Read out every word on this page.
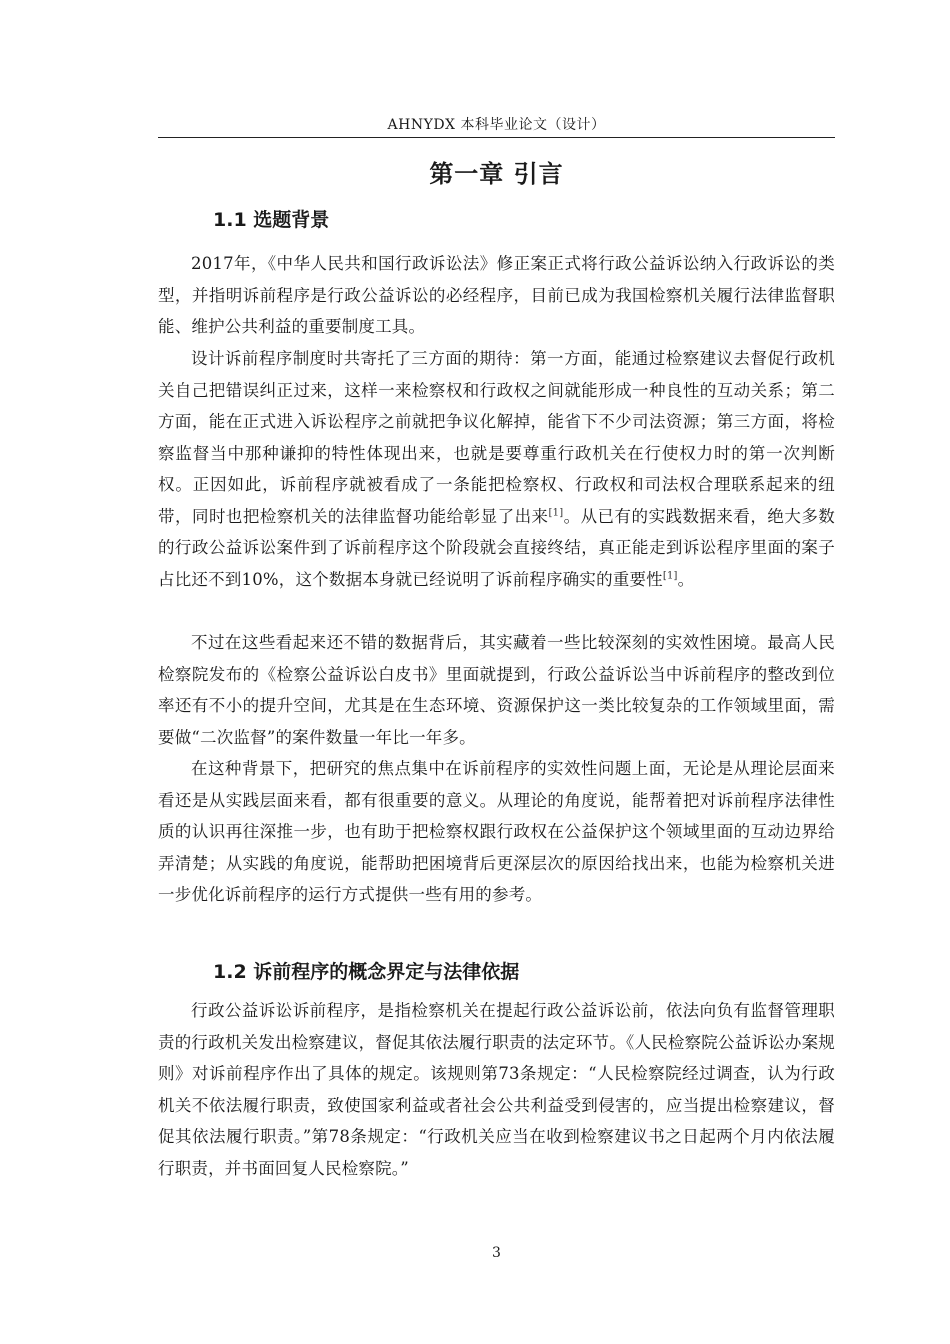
AHNYDX 本科毕业论文（设计）
第一章 引言
1.1 选题背景

2017年，《中华人民共和国行政诉讼法》修正案正式将行政公益诉讼纳入行政诉讼的类型，并指明诉前程序是行政公益诉讼的必经程序，目前已成为我国检察机关履行法律监督职能、维护公共利益的重要制度工具。

设计诉前程序制度时共寄托了三方面的期待：第一方面，能通过检察建议去督促行政机关自己把错误纠正过来，这样一来检察权和行政权之间就能形成一种良性的互动关系；第二方面，能在正式进入诉讼程序之前就把争议化解掉，能省下不少司法资源；第三方面，将检察监督当中那种谦抑的特性体现出来，也就是要尊重行政机关在行使权力时的第一次判断权。正因如此，诉前程序就被看成了一条能把检察权、行政权和司法权合理联系起来的纽带，同时也把检察机关的法律监督功能给彰显了出来[1]。从已有的实践数据来看，绝大多数的行政公益诉讼案件到了诉前程序这个阶段就会直接终结，真正能走到诉讼程序里面的案子占比还不到10%，这个数据本身就已经说明了诉前程序确实的重要性[1]。

不过在这些看起来还不错的数据背后，其实藏着一些比较深刻的实效性困境。最高人民检察院发布的《检察公益诉讼白皮书》里面就提到，行政公益诉讼当中诉前程序的整改到位率还有不小的提升空间，尤其是在生态环境、资源保护这一类比较复杂的工作领域里面，需要做“二次监督”的案件数量一年比一年多。

在这种背景下，把研究的焦点集中在诉前程序的实效性问题上面，无论是从理论层面来看还是从实践层面来看，都有很重要的意义。从理论的角度说，能帮着把对诉前程序法律性质的认识再往深推一步，也有助于把检察权跟行政权在公益保护这个领域里面的互动边界给弄清楚；从实践的角度说，能帮助把困境背后更深层次的原因给找出来，也能为检察机关进一步优化诉前程序的运行方式提供一些有用的参考。

1.2 诉前程序的概念界定与法律依据

行政公益诉讼诉前程序，是指检察机关在提起行政公益诉讼前，依法向负有监督管理职责的行政机关发出检察建议，督促其依法履行职责的法定环节。《人民检察院公益诉讼办案规则》对诉前程序作出了具体的规定。该规则第73条规定：“人民检察院经过调查，认为行政机关不依法履行职责，致使国家利益或者社会公共利益受到侵害的，应当提出检察建议，督促其依法履行职责。”第78条规定：“行政机关应当在收到检察建议书之日起两个月内依法履行职责，并书面回复人民检察院。”

3
